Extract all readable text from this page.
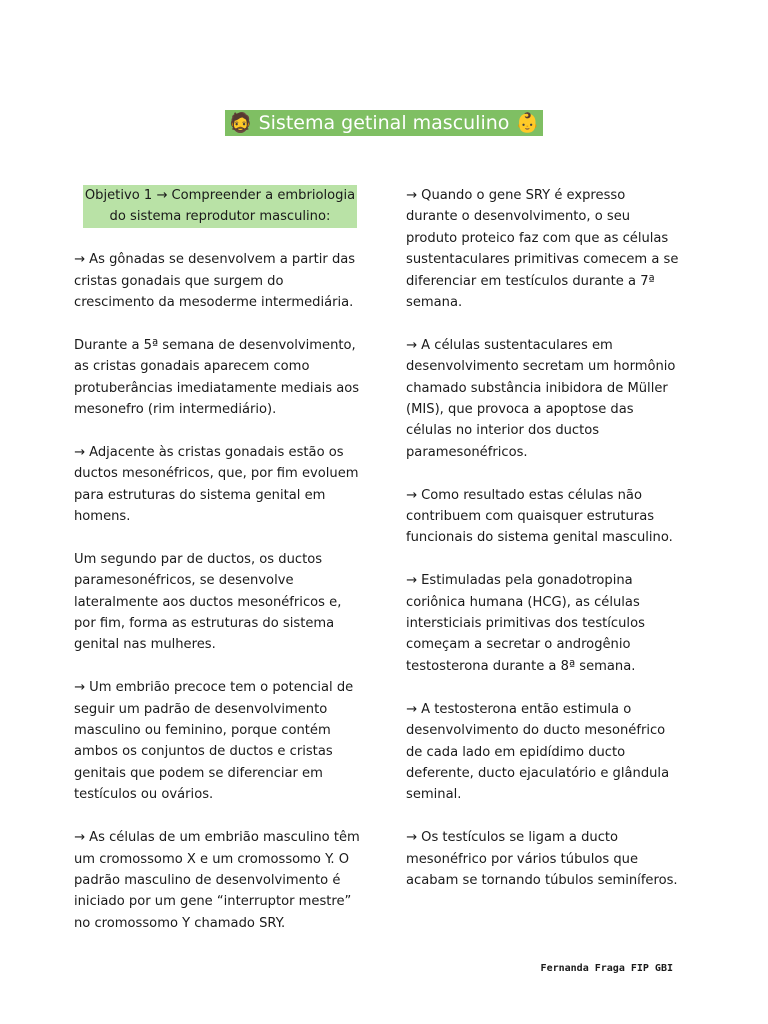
🧔 Sistema getinal masculino 👶
Objetivo 1 → Compreender a embriologia
do sistema reprodutor masculino:

→ As gônadas se desenvolvem a partir das
cristas gonadais que surgem do
crescimento da mesoderme intermediária.

Durante a 5ª semana de desenvolvimento,
as cristas gonadais aparecem como
protuberâncias imediatamente mediais aos
mesonefro (rim intermediário).

→ Adjacente às cristas gonadais estão os
ductos mesonéfricos, que, por fim evoluem
para estruturas do sistema genital em
homens.

Um segundo par de ductos, os ductos
paramesonéfricos, se desenvolve
lateralmente aos ductos mesonéfricos e,
por fim, forma as estruturas do sistema
genital nas mulheres.

→ Um embrião precoce tem o potencial de
seguir um padrão de desenvolvimento
masculino ou feminino, porque contém
ambos os conjuntos de ductos e cristas
genitais que podem se diferenciar em
testículos ou ovários.

→ As células de um embrião masculino têm
um cromossomo X e um cromossomo Y. O
padrão masculino de desenvolvimento é
iniciado por um gene “interruptor mestre”
no cromossomo Y chamado SRY.

→ Quando o gene SRY é expresso
durante o desenvolvimento, o seu
produto proteico faz com que as células
sustentaculares primitivas comecem a se
diferenciar em testículos durante a 7ª
semana.

→ A células sustentaculares em
desenvolvimento secretam um hormônio
chamado substância inibidora de Müller
(MIS), que provoca a apoptose das
células no interior dos ductos
paramesonéfricos.

→ Como resultado estas células não
contribuem com quaisquer estruturas
funcionais do sistema genital masculino.

→ Estimuladas pela gonadotropina
coriônica humana (HCG), as células
intersticiais primitivas dos testículos
começam a secretar o androgênio
testosterona durante a 8ª semana.

→ A testosterona então estimula o
desenvolvimento do ducto mesonéfrico
de cada lado em epidídimo ducto
deferente, ducto ejaculatório e glândula
seminal.

→ Os testículos se ligam a ducto
mesonéfrico por vários túbulos que
acabam se tornando túbulos seminíferos.

Fernanda Fraga FIP GBI
